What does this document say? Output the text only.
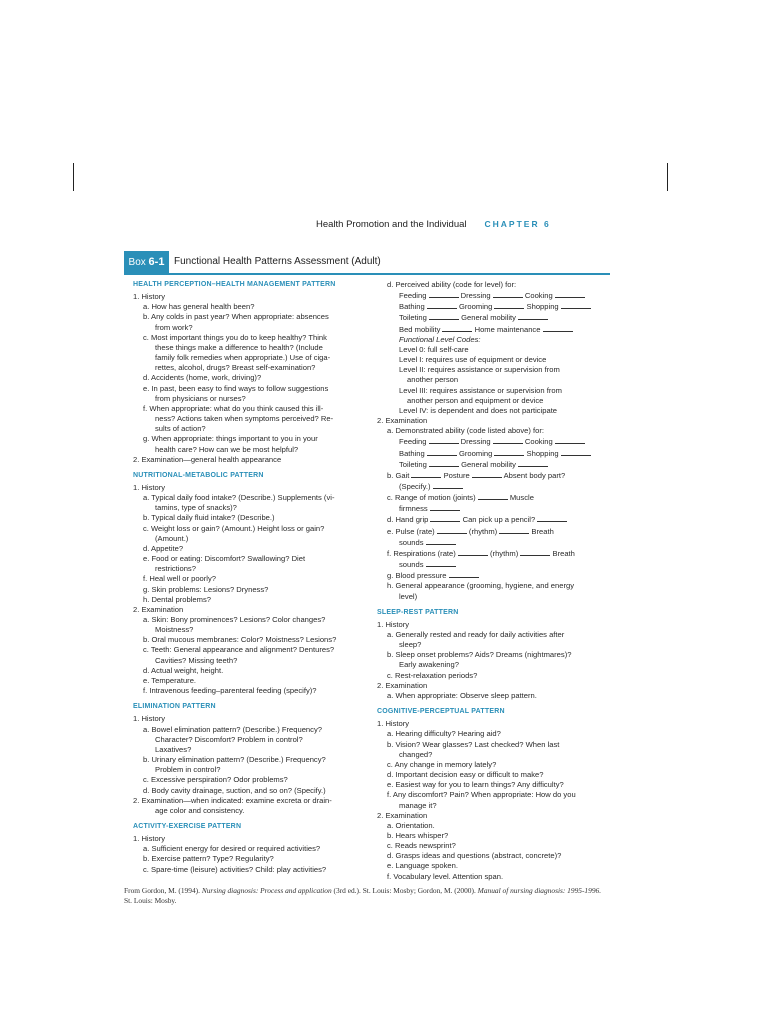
Health Promotion and the Individual CHAPTER 6
Box 6-1 Functional Health Patterns Assessment (Adult)
HEALTH PERCEPTION–HEALTH MANAGEMENT PATTERN
1. History
a. How has general health been?
b. Any colds in past year? When appropriate: absences
from work?
c. Most important things you do to keep healthy? Think
these things make a difference to health? (Include
family folk remedies when appropriate.) Use of ciga-
rettes, alcohol, drugs? Breast self-examination?
d. Accidents (home, work, driving)?
e. In past, been easy to find ways to follow suggestions
from physicians or nurses?
f. When appropriate: what do you think caused this ill-
ness? Actions taken when symptoms perceived? Re-
sults of action?
g. When appropriate: things important to you in your
health care? How can we be most helpful?
2. Examination—general health appearance
NUTRITIONAL-METABOLIC PATTERN
1. History
a. Typical daily food intake? (Describe.) Supplements (vi-
tamins, type of snacks)?
b. Typical daily fluid intake? (Describe.)
c. Weight loss or gain? (Amount.) Height loss or gain?
(Amount.)
d. Appetite?
e. Food or eating: Discomfort? Swallowing? Diet
restrictions?
f. Heal well or poorly?
g. Skin problems: Lesions? Dryness?
h. Dental problems?
2. Examination
a. Skin: Bony prominences? Lesions? Color changes?
Moistness?
b. Oral mucous membranes: Color? Moistness? Lesions?
c. Teeth: General appearance and alignment? Dentures?
Cavities? Missing teeth?
d. Actual weight, height.
e. Temperature.
f. Intravenous feeding–parenteral feeding (specify)?
ELIMINATION PATTERN
1. History
a. Bowel elimination pattern? (Describe.) Frequency?
Character? Discomfort? Problem in control?
Laxatives?
b. Urinary elimination pattern? (Describe.) Frequency?
Problem in control?
c. Excessive perspiration? Odor problems?
d. Body cavity drainage, suction, and so on? (Specify.)
2. Examination—when indicated: examine excreta or drain-
age color and consistency.
ACTIVITY-EXERCISE PATTERN
1. History
a. Sufficient energy for desired or required activities?
b. Exercise pattern? Type? Regularity?
c. Spare-time (leisure) activities? Child: play activities?
d. Perceived ability (code for level) for:
Feeding	Dressing	Cooking
Bathing	Grooming	Shopping
Toileting	General mobility
Bed mobility	Home maintenance
Functional Level Codes:
Level 0: full self-care
Level I: requires use of equipment or device
Level II: requires assistance or supervision from
another person
Level III: requires assistance or supervision from
another person and equipment or device
Level IV: is dependent and does not participate
2. Examination
a. Demonstrated ability (code listed above) for:
Feeding	Dressing	Cooking
Bathing	Grooming	Shopping
Toileting	General mobility
b. Gait	Posture	Absent body part?
(Specify.)
c. Range of motion (joints)	Muscle
firmness
d. Hand grip	Can pick up a pencil?
e. Pulse (rate)	(rhythm)	Breath
sounds
f. Respirations (rate)	(rhythm)	Breath
sounds
g. Blood pressure
h. General appearance (grooming, hygiene, and energy
level)
SLEEP-REST PATTERN
1. History
a. Generally rested and ready for daily activities after
sleep?
b. Sleep onset problems? Aids? Dreams (nightmares)?
Early awakening?
c. Rest-relaxation periods?
2. Examination
a. When appropriate: Observe sleep pattern.
COGNITIVE-PERCEPTUAL PATTERN
1. History
a. Hearing difficulty? Hearing aid?
b. Vision? Wear glasses? Last checked? When last
changed?
c. Any change in memory lately?
d. Important decision easy or difficult to make?
e. Easiest way for you to learn things? Any difficulty?
f. Any discomfort? Pain? When appropriate: How do you
manage it?
2. Examination
a. Orientation.
b. Hears whisper?
c. Reads newsprint?
d. Grasps ideas and questions (abstract, concrete)?
e. Language spoken.
f. Vocabulary level. Attention span.
From Gordon, M. (1994). Nursing diagnosis: Process and application (3rd ed.). St. Louis: Mosby; Gordon, M. (2000). Manual of nursing diagnosis: 1995-1996. St. Louis: Mosby.
